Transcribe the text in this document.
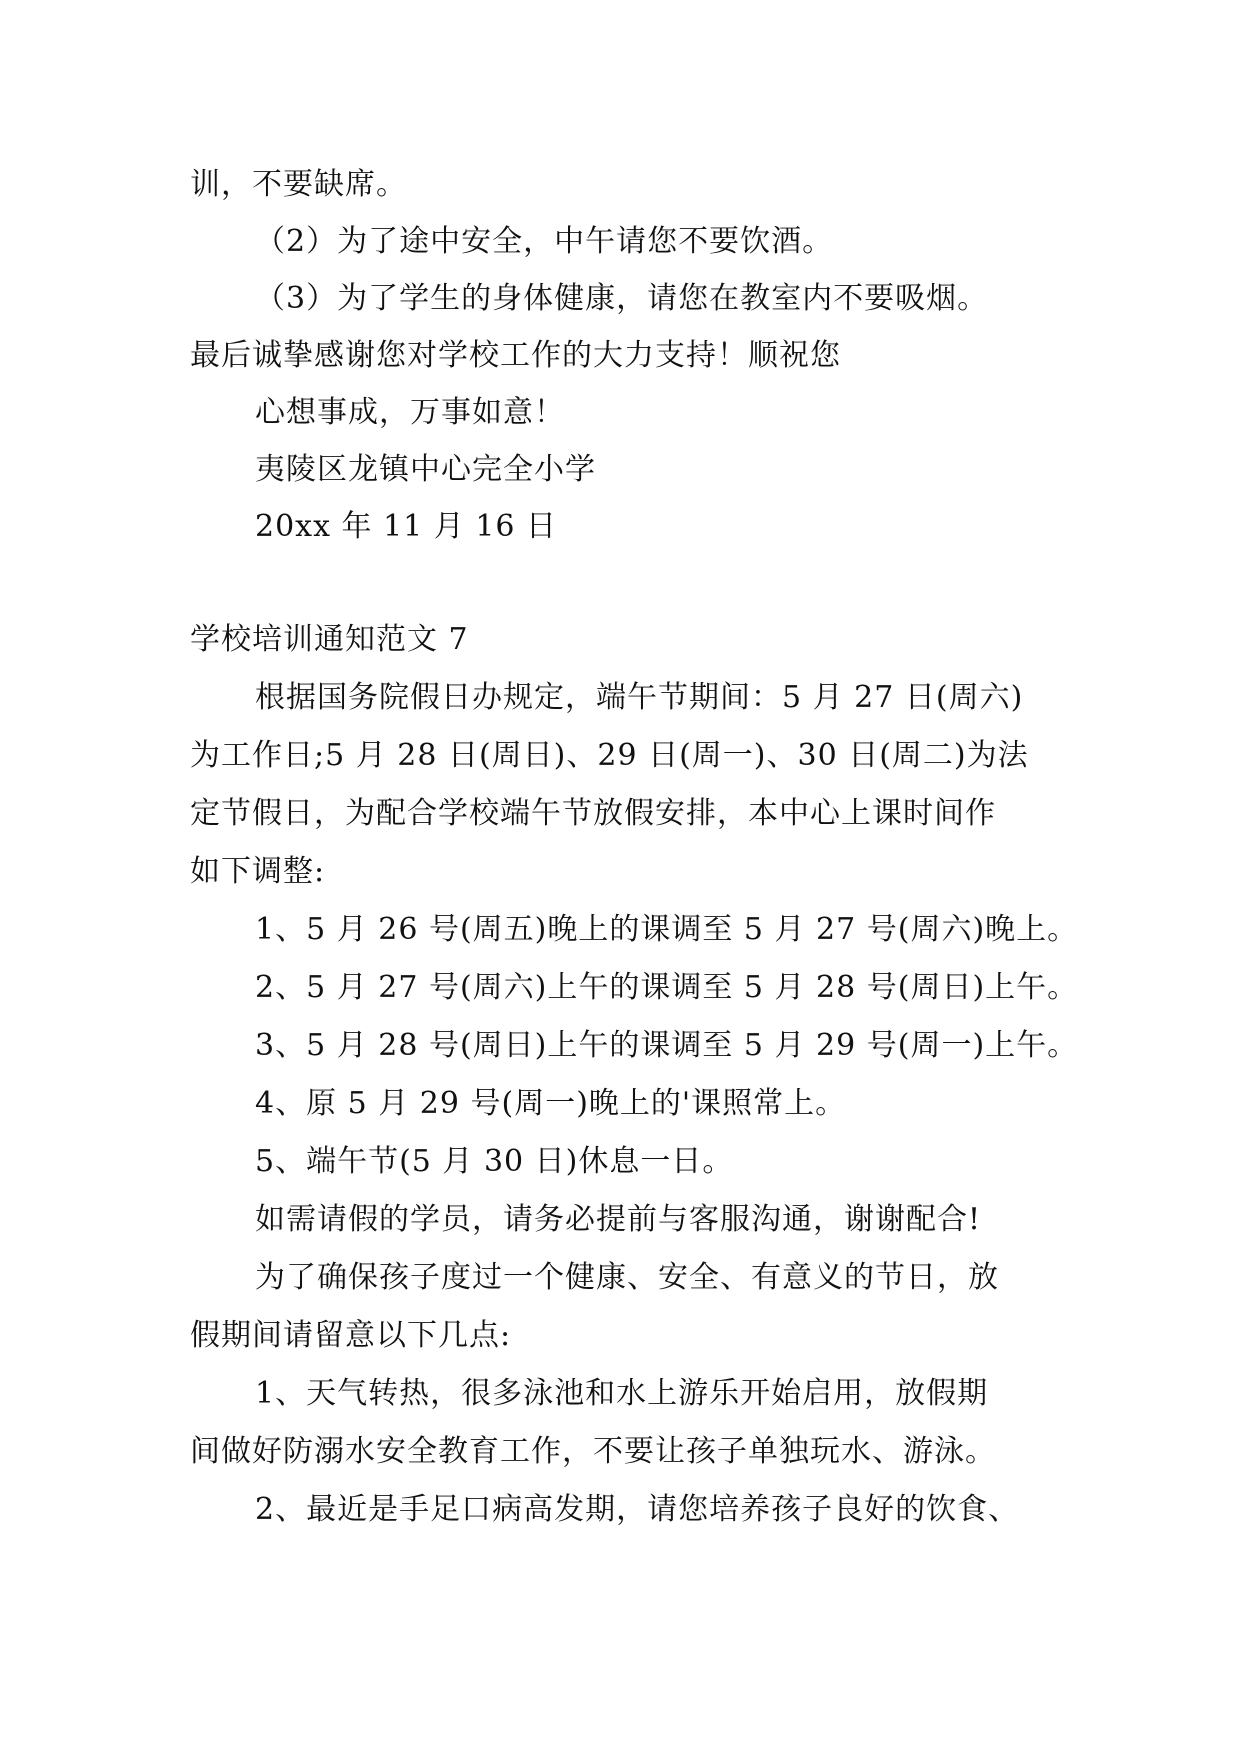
训，不要缺席。
（2）为了途中安全，中午请您不要饮酒。
（3）为了学生的身体健康，请您在教室内不要吸烟。
最后诚挚感谢您对学校工作的大力支持！顺祝您
心想事成，万事如意！
夷陵区龙镇中心完全小学
20xx 年 11 月 16 日
学校培训通知范文 7
根据国务院假日办规定，端午节期间：5 月 27 日(周六)
为工作日;5 月 28 日(周日)、29 日(周一)、30 日(周二)为法
定节假日，为配合学校端午节放假安排，本中心上课时间作
如下调整:
1、5 月 26 号(周五)晚上的课调至 5 月 27 号(周六)晚上。
2、5 月 27 号(周六)上午的课调至 5 月 28 号(周日)上午。
3、5 月 28 号(周日)上午的课调至 5 月 29 号(周一)上午。
4、原 5 月 29 号(周一)晚上的'课照常上。
5、端午节(5 月 30 日)休息一日。
如需请假的学员，请务必提前与客服沟通，谢谢配合!
为了确保孩子度过一个健康、安全、有意义的节日，放
假期间请留意以下几点:
1、天气转热，很多泳池和水上游乐开始启用，放假期
间做好防溺水安全教育工作，不要让孩子单独玩水、游泳。
2、最近是手足口病高发期，请您培养孩子良好的饮食、
